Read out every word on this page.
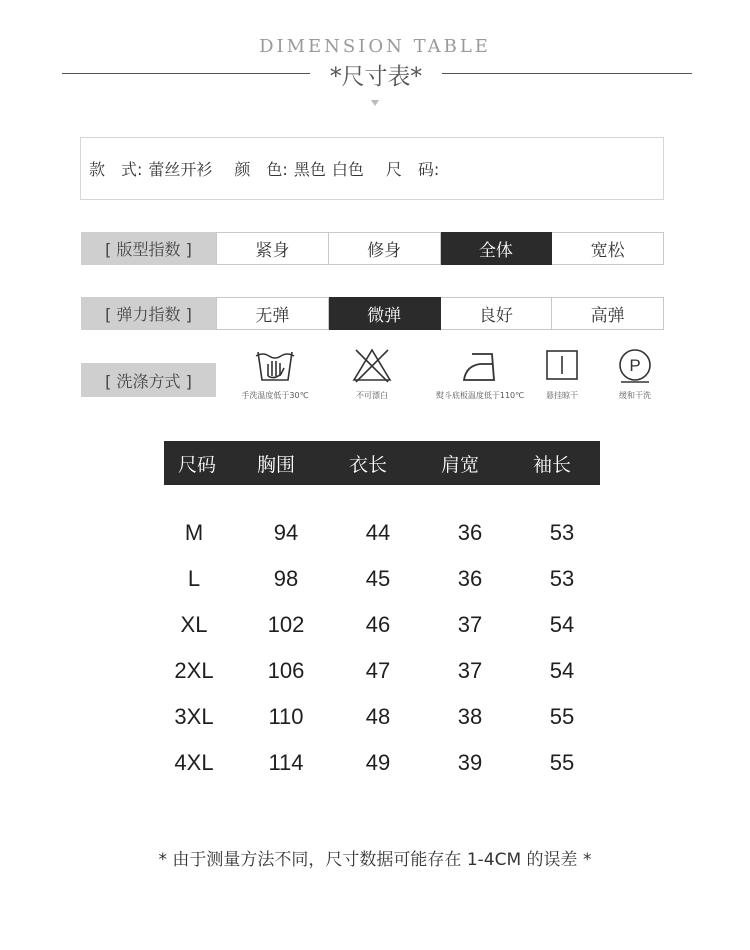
DIMENSION TABLE
*尺寸表*
款　式: 蕾丝开衫 颜　色: 黑色 白色 尺　码:
[ 版型指数 ]	紧身	修身	全体	宽松
[ 弹力指数 ]	无弹	微弹	良好	高弹
[ 洗涤方式 ]
手洗温度低于30℃	不可漂白	熨斗底板温度低于110℃	悬挂晾干
P
缓和干洗
尺码	胸围	衣长	肩宽	袖长
M	94	44	36	53
L	98	45	36	53
XL	102	46	37	54
2XL	106	47	37	54
3XL	110	48	38	55
4XL	114	49	39	55
* 由于测量方法不同，尺寸数据可能存在 1-4CM 的误差 *
